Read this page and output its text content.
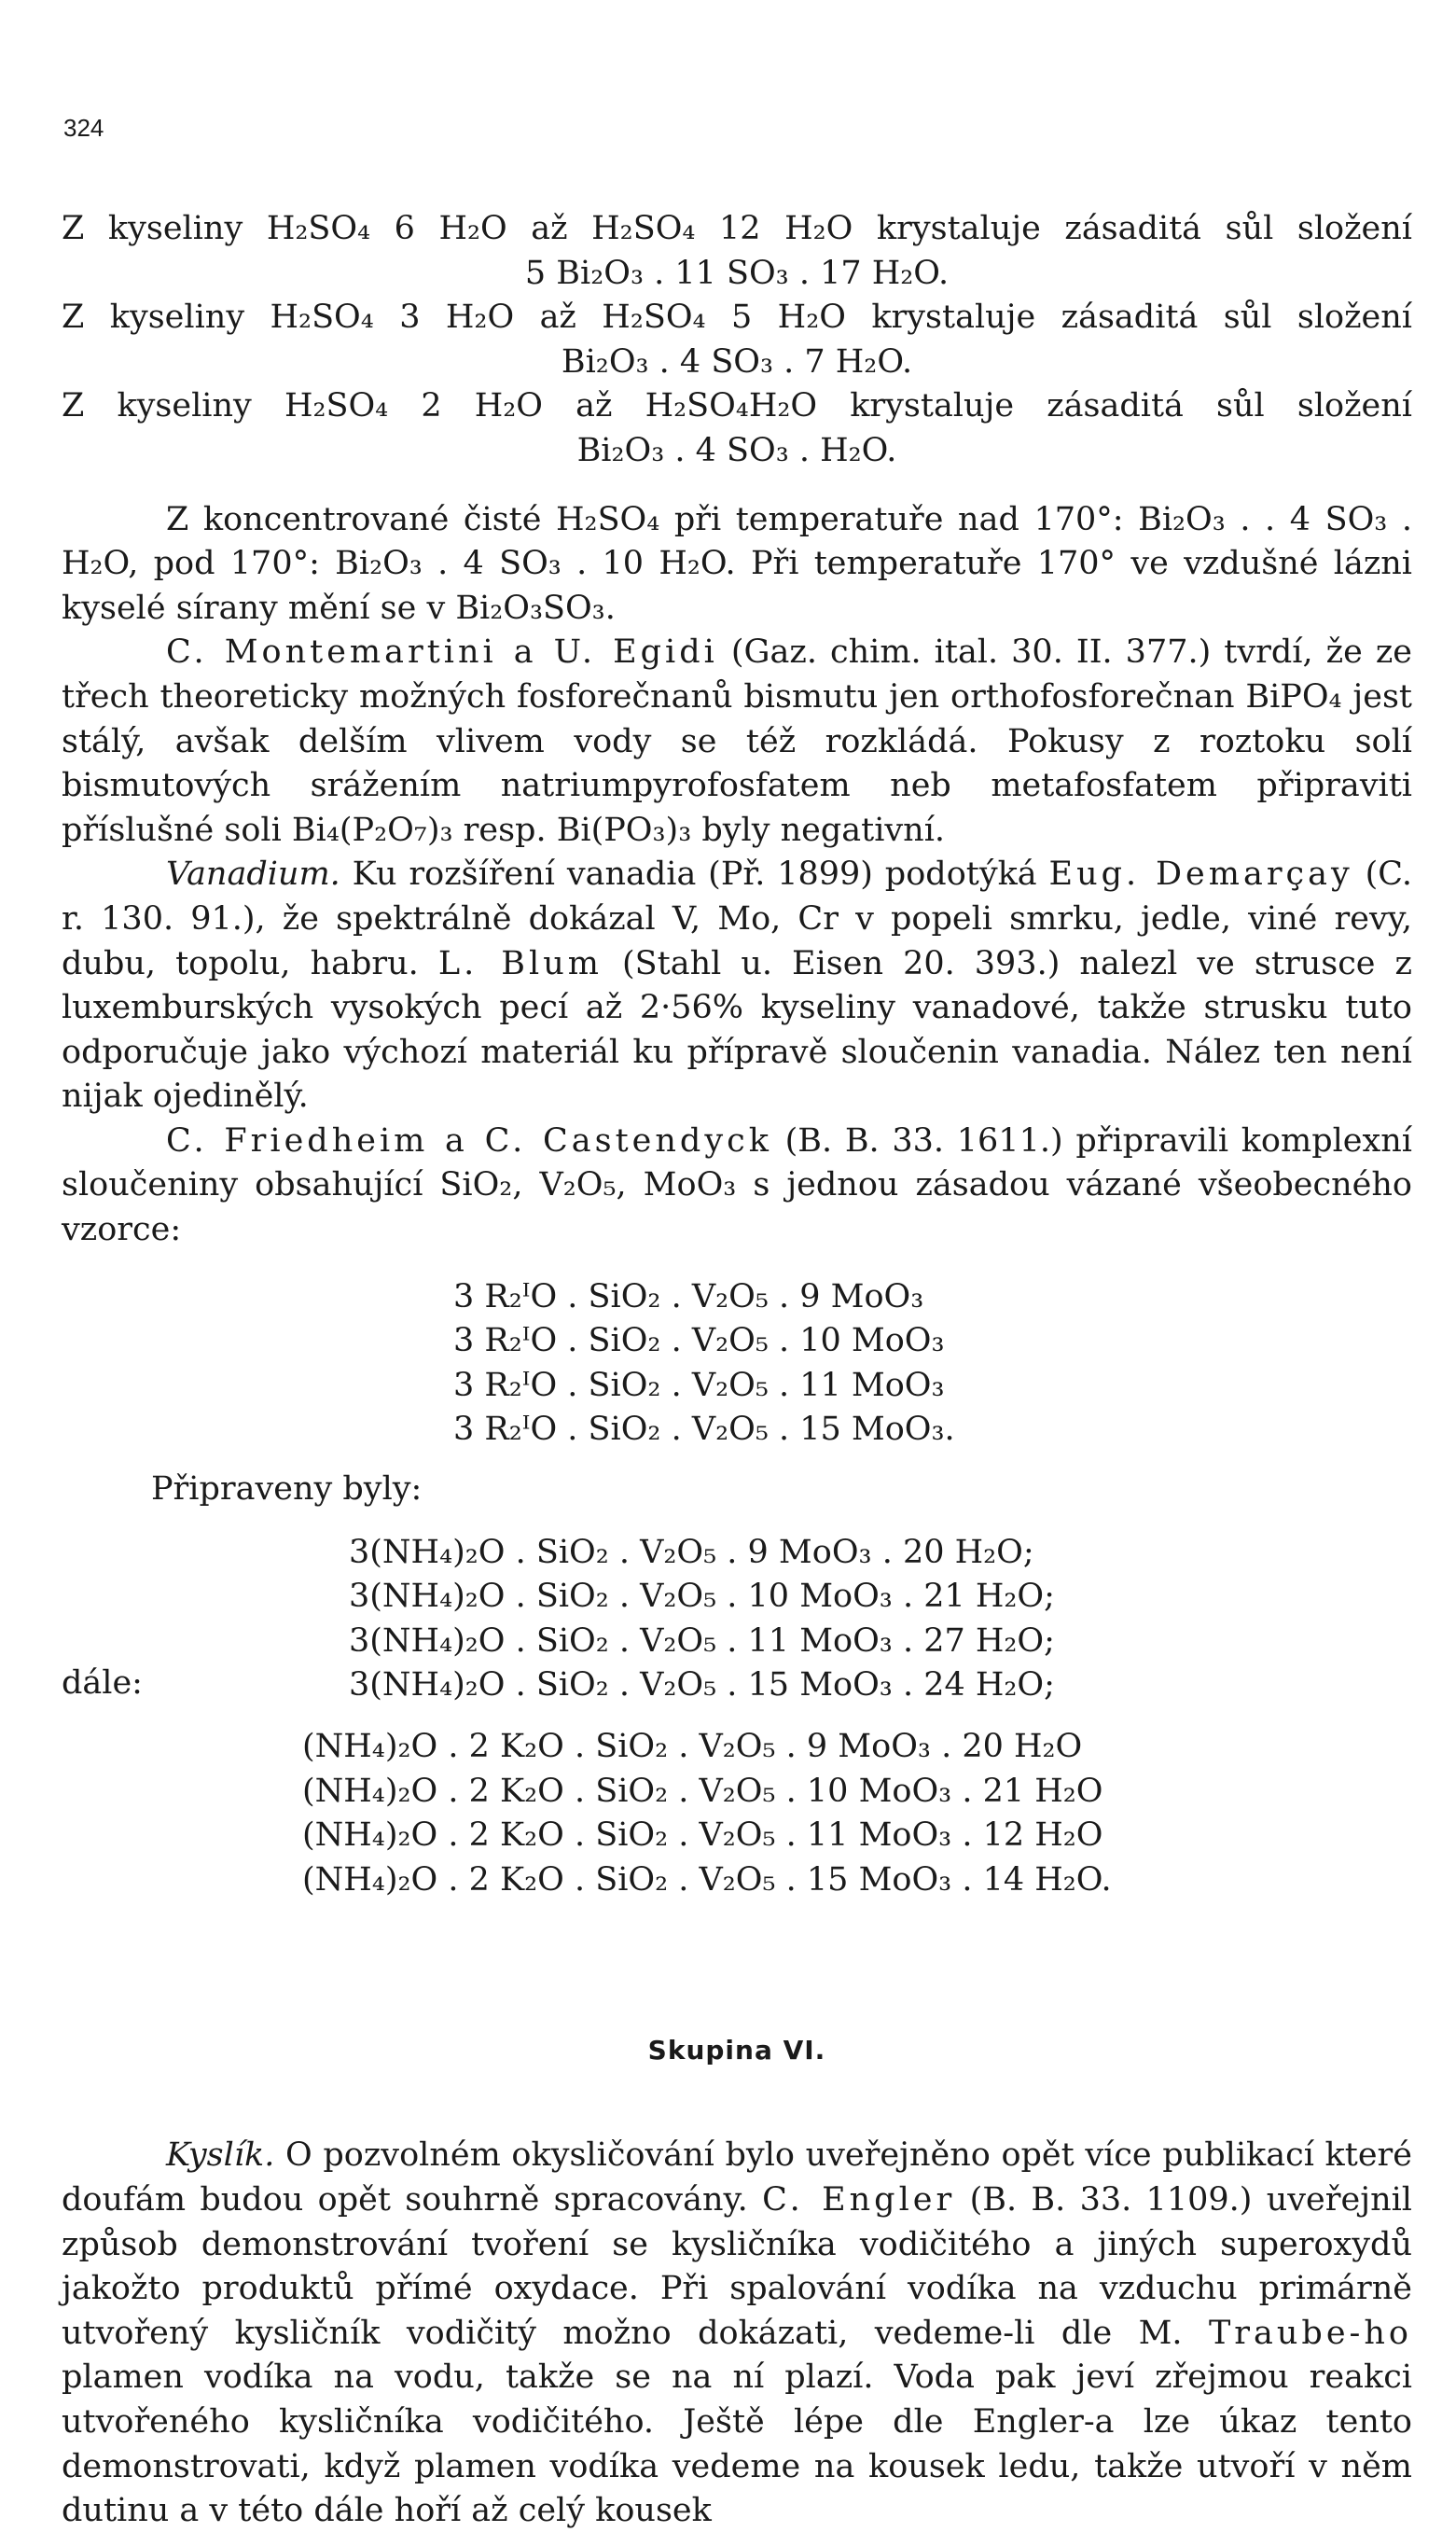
324
Z kyseliny H₂SO₄ 6 H₂O až H₂SO₄ 12 H₂O krystaluje zásaditá sůl složení
5 Bi₂O₃ . 11 SO₃ . 17 H₂O.
Z kyseliny H₂SO₄ 3 H₂O až H₂SO₄ 5 H₂O krystaluje zásaditá sůl složení
Bi₂O₃ . 4 SO₃ . 7 H₂O.
Z kyseliny H₂SO₄ 2 H₂O až H₂SO₄H₂O krystaluje zásaditá sůl složení
Bi₂O₃ . 4 SO₃ . H₂O.

Z koncentrované čisté H₂SO₄ při temperatuře nad 170°: Bi₂O₃ . . 4 SO₃ . H₂O, pod 170°: Bi₂O₃ . 4 SO₃ . 10 H₂O. Při temperatuře 170° ve vzdušné lázni kyselé sírany mění se v Bi₂O₃SO₃.

C. Montemartini a U. Egidi (Gaz. chim. ital. 30. II. 377.) tvrdí, že ze třech theoreticky možných fosforečnanů bismutu jen orthofosforečnan BiPO₄ jest stálý, avšak delším vlivem vody se též rozkládá. Pokusy z roztoku solí bismutových srážením natriumpyrofosfatem neb metafosfatem připraviti příslušné soli Bi₄(P₂O₇)₃ resp. Bi(PO₃)₃ byly negativní.

Vanadium. Ku rozšíření vanadia (Př. 1899) podotýká Eug. Demarçay (C. r. 130. 91.), že spektrálně dokázal V, Mo, Cr v popeli smrku, jedle, viné revy, dubu, topolu, habru. L. Blum (Stahl u. Eisen 20. 393.) nalezl ve strusce z luxemburských vysokých pecí až 2·56% kyseliny vanadové, takže strusku tuto odporučuje jako výchozí materiál ku přípravě sloučenin vanadia. Nález ten není nijak ojedinělý.

C. Friedheim a C. Castendyck (B. B. 33. 1611.) připravili komplexní sloučeniny obsahující SiO₂, V₂O₅, MoO₃ s jednou zásadou vázané všeobecného vzorce:

3 R₂ᴵO . SiO₂ . V₂O₅ . 9 MoO₃
3 R₂ᴵO . SiO₂ . V₂O₅ . 10 MoO₃
3 R₂ᴵO . SiO₂ . V₂O₅ . 11 MoO₃
3 R₂ᴵO . SiO₂ . V₂O₅ . 15 MoO₃.
Připraveny byly:
3(NH₄)₂O . SiO₂ . V₂O₅ . 9 MoO₃ . 20 H₂O;
3(NH₄)₂O . SiO₂ . V₂O₅ . 10 MoO₃ . 21 H₂O;
3(NH₄)₂O . SiO₂ . V₂O₅ . 11 MoO₃ . 27 H₂O;
3(NH₄)₂O . SiO₂ . V₂O₅ . 15 MoO₃ . 24 H₂O;
dále:
(NH₄)₂O . 2 K₂O . SiO₂ . V₂O₅ . 9 MoO₃ . 20 H₂O
(NH₄)₂O . 2 K₂O . SiO₂ . V₂O₅ . 10 MoO₃ . 21 H₂O
(NH₄)₂O . 2 K₂O . SiO₂ . V₂O₅ . 11 MoO₃ . 12 H₂O
(NH₄)₂O . 2 K₂O . SiO₂ . V₂O₅ . 15 MoO₃ . 14 H₂O.
Skupina VI.

Kyslík. O pozvolném okysličování bylo uveřejněno opět více publikací které doufám budou opět souhrně spracovány. C. Engler (B. B. 33. 1109.) uveřejnil způsob demonstrování tvoření se kysličníka vodičitého a jiných superoxydů jakožto produktů přímé oxydace. Při spalování vodíka na vzduchu primárně utvořený kysličník vodičitý možno dokázati, vedeme-li dle M. Traube-ho plamen vodíka na vodu, takže se na ní plazí. Voda pak jeví zřejmou reakci utvořeného kysličníka vodičitého. Ještě lépe dle Engler-a lze úkaz tento demonstrovati, když plamen vodíka vedeme na kousek ledu, takže utvoří v něm dutinu a v této dále hoří až celý kousek
